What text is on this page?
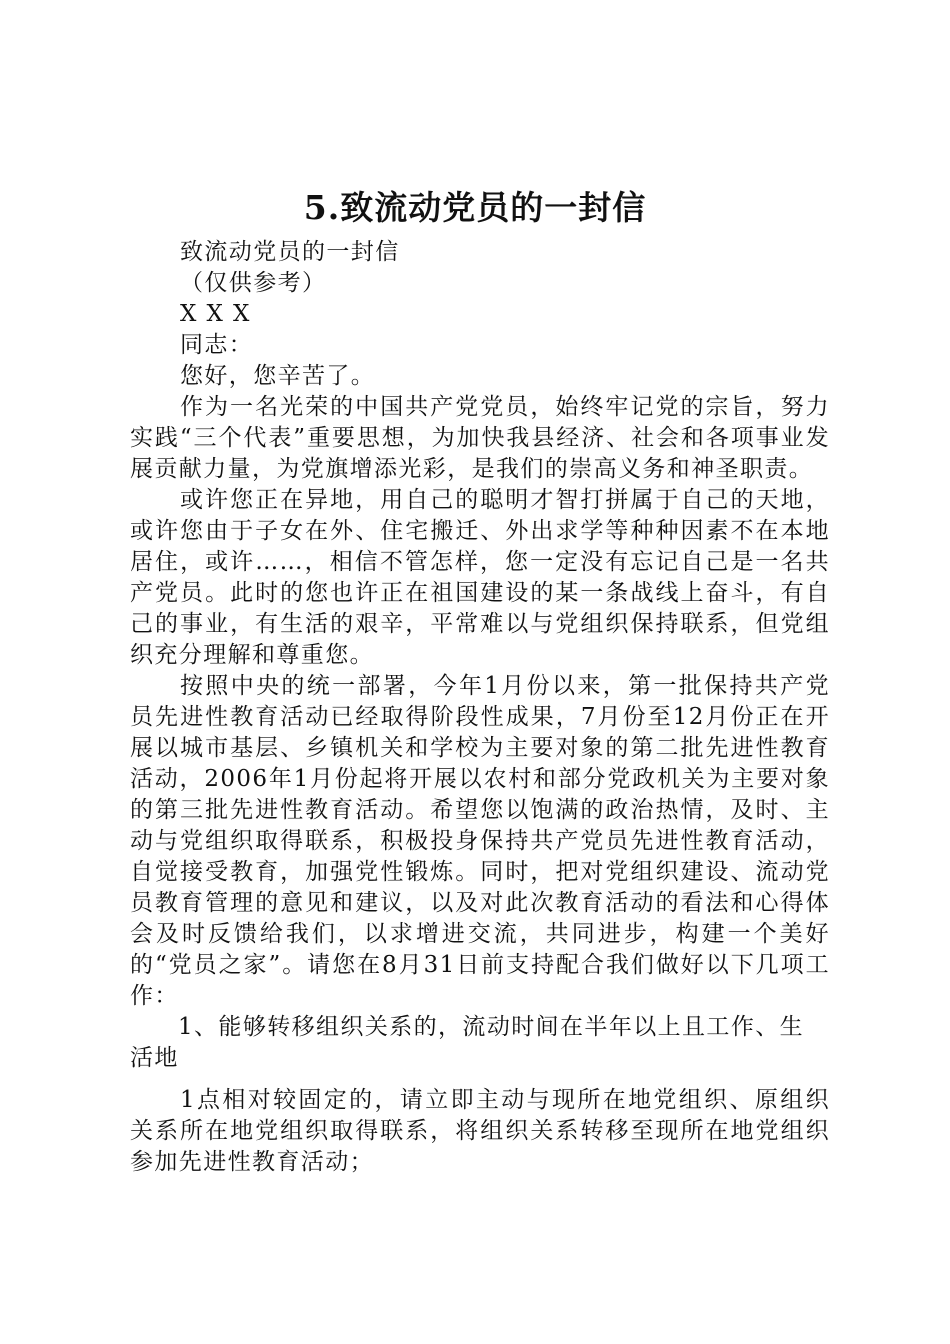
5.致流动党员的一封信

致流动党员的一封信

（仅供参考）

X X X

同志：

您好，您辛苦了。

作为一名光荣的中国共产党党员，始终牢记党的宗旨，努力实践“三个代表”重要思想，为加快我县经济、社会和各项事业发展贡献力量，为党旗增添光彩，是我们的崇高义务和神圣职责。

或许您正在异地，用自己的聪明才智打拼属于自己的天地，或许您由于子女在外、住宅搬迁、外出求学等种种因素不在本地居住，或许……，相信不管怎样，您一定没有忘记自己是一名共产党员。此时的您也许正在祖国建设的某一条战线上奋斗，有自己的事业，有生活的艰辛，平常难以与党组织保持联系，但党组织充分理解和尊重您。

按照中央的统一部署，今年1月份以来，第一批保持共产党员先进性教育活动已经取得阶段性成果，7月份至12月份正在开展以城市基层、乡镇机关和学校为主要对象的第二批先进性教育活动，2006年1月份起将开展以农村和部分党政机关为主要对象的第三批先进性教育活动。希望您以饱满的政治热情，及时、主动与党组织取得联系，积极投身保持共产党员先进性教育活动，自觉接受教育，加强党性锻炼。同时，把对党组织建设、流动党员教育管理的意见和建议，以及对此次教育活动的看法和心得体会及时反馈给我们，以求增进交流，共同进步，构建一个美好的“党员之家”。请您在8月31日前支持配合我们做好以下几项工作：

1、能够转移组织关系的，流动时间在半年以上且工作、生
活地

1点相对较固定的，请立即主动与现所在地党组织、原组织关系所在地党组织取得联系，将组织关系转移至现所在地党组织参加先进性教育活动；
